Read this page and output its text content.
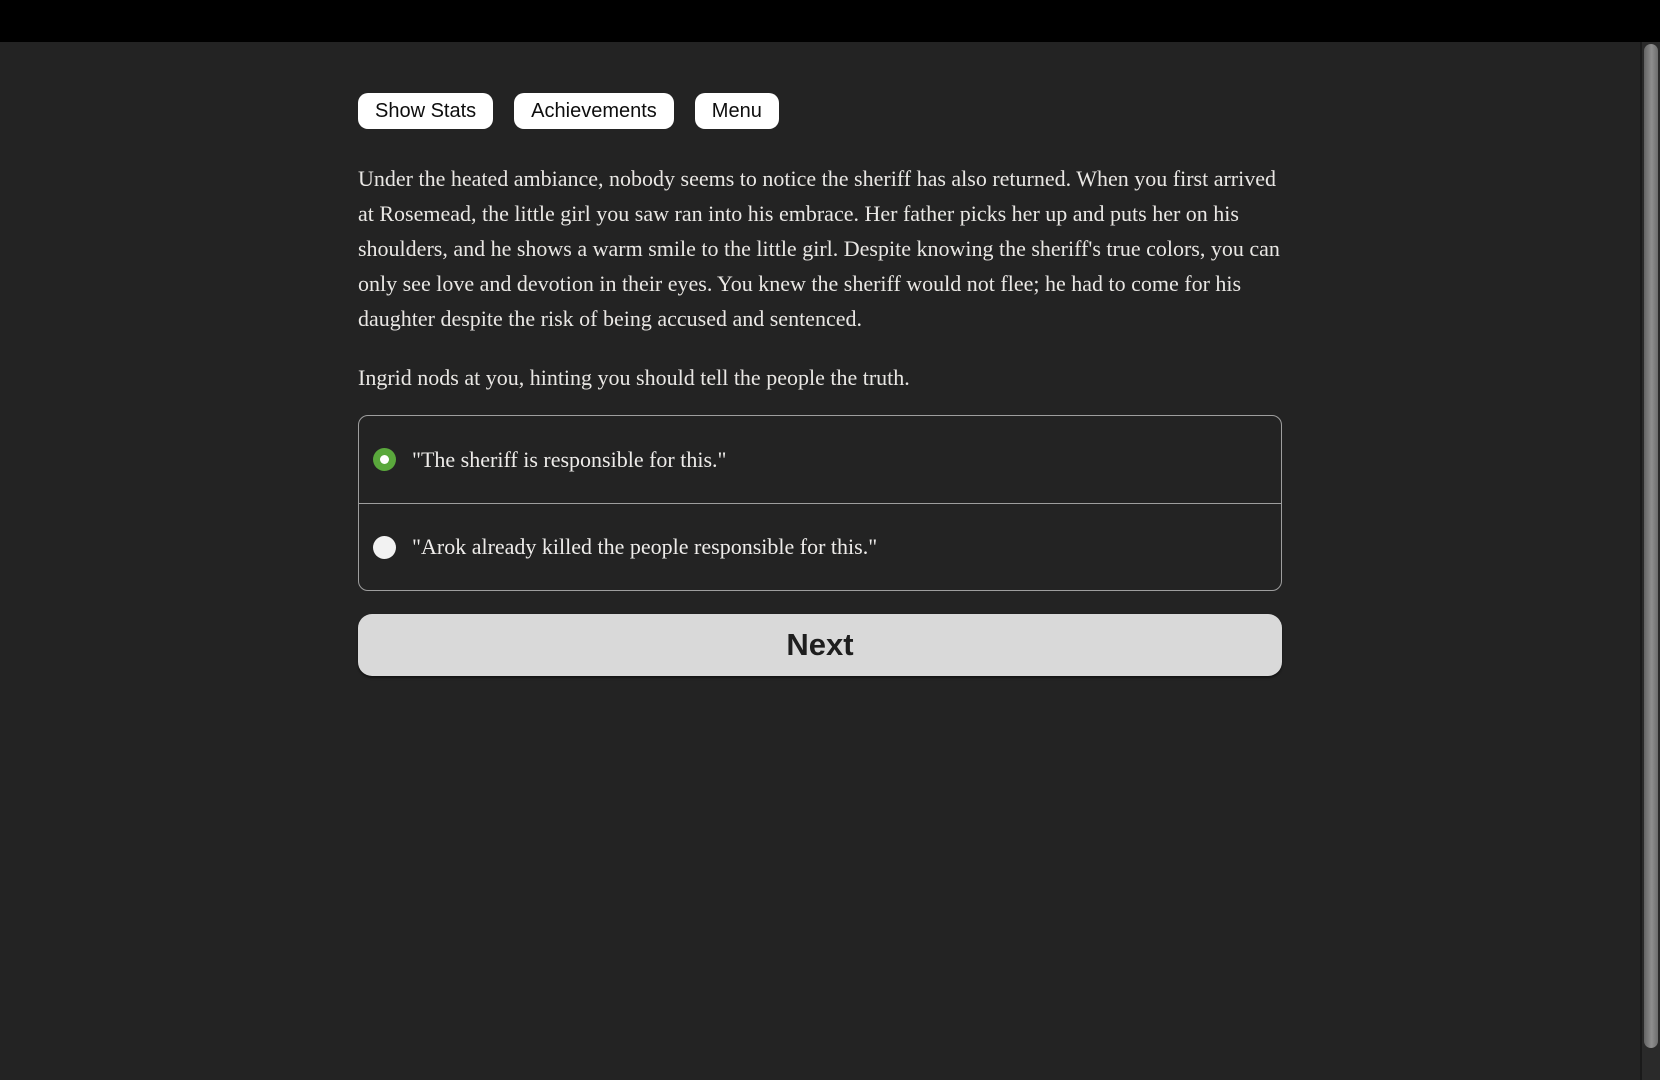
Show Stats	Achievements	Menu

Under the heated ambiance, nobody seems to notice the sheriff has also returned. When you first arrived at Rosemead, the little girl you saw ran into his embrace. Her father picks her up and puts her on his shoulders, and he shows a warm smile to the little girl. Despite knowing the sheriff's true colors, you can only see love and devotion in their eyes. You knew the sheriff would not flee; he had to come for his daughter despite the risk of being accused and sentenced.

Ingrid nods at you, hinting you should tell the people the truth.

"The sheriff is responsible for this."
"Arok already killed the people responsible for this."
Next
